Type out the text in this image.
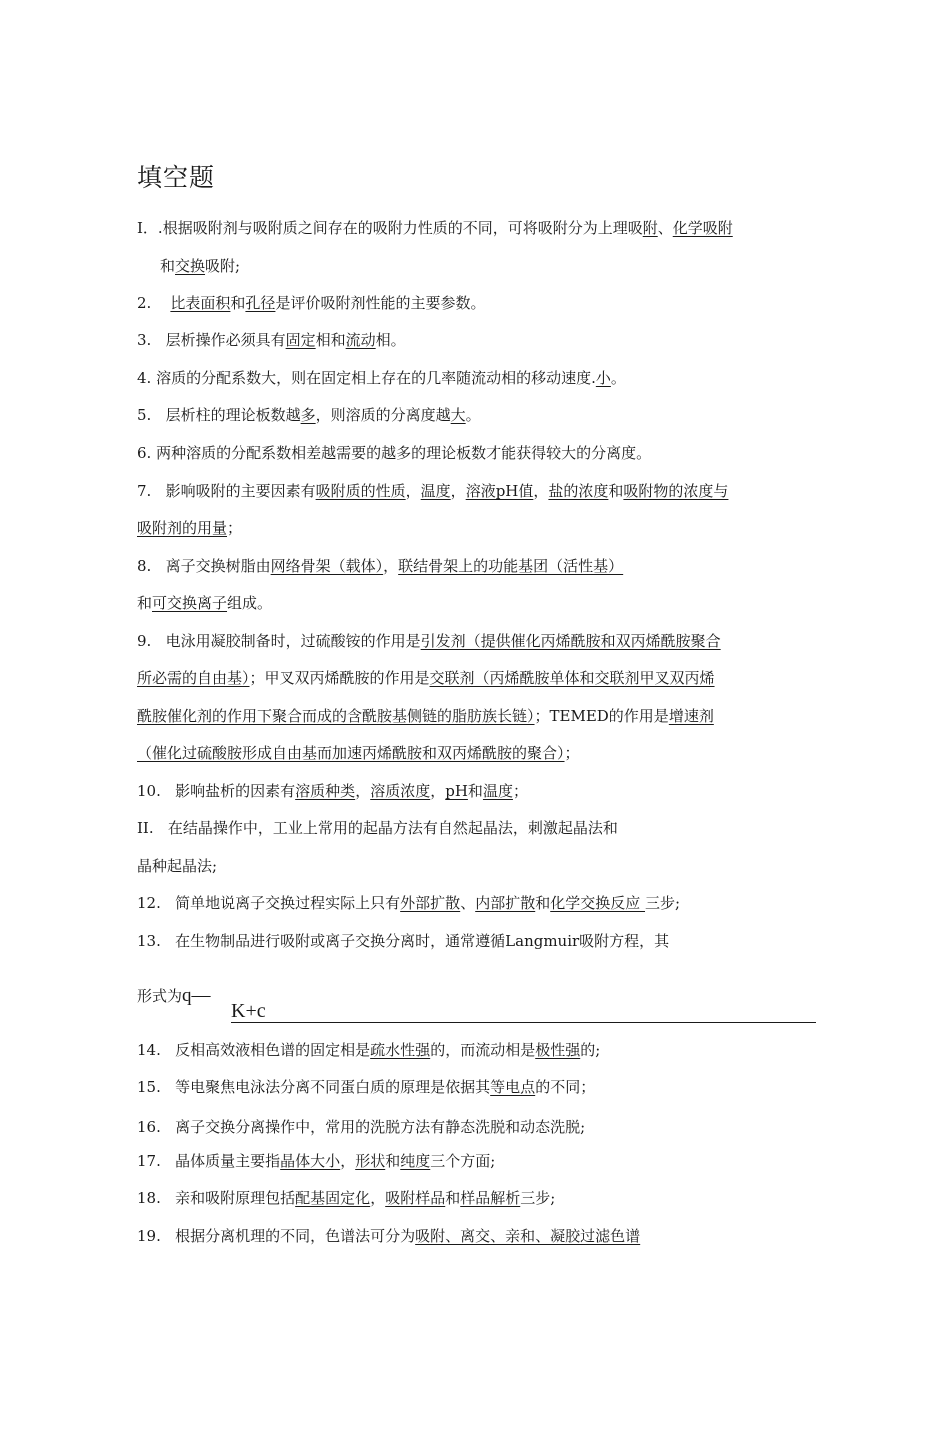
填空题
I．.根据吸附剂与吸附质之间存在的吸附力性质的不同，可将吸附分为上理吸附、化学吸附
和交换吸附;
2.    比表面积和孔径是评价吸附剂性能的主要参数。
3.   层析操作必须具有固定相和流动相。
4. 溶质的分配系数大，则在固定相上存在的几率随流动相的移动速度.小。
5.   层析柱的理论板数越多，则溶质的分离度越大。
6. 两种溶质的分配系数相差越需要的越多的理论板数才能获得较大的分离度。
7.   影响吸附的主要因素有吸附质的性质，温度，溶液pH值，盐的浓度和吸附物的浓度与
吸附剂的用量；
8.   离子交换树脂由网络骨架（载体），联结骨架上的功能基团（活性基）
和可交换离子组成。
9.   电泳用凝胶制备时，过硫酸铵的作用是引发剂（提供催化丙烯酰胺和双丙烯酰胺聚合
所必需的自由基）；甲叉双丙烯酰胺的作用是交联剂（丙烯酰胺单体和交联剂甲叉双丙烯
酰胺催化剂的作用下聚合而成的含酰胺基侧链的脂肪族长链）；TEMED的作用是增速剂
（催化过硫酸胺形成自由基而加速丙烯酰胺和双丙烯酰胺的聚合）；
10.   影响盐析的因素有溶质种类，溶质浓度，pH和温度；
II.   在结晶操作中，工业上常用的起晶方法有自然起晶法，刺激起晶法和
晶种起晶法;
12.   简单地说离子交换过程实际上只有外部扩散、内部扩散和化学交换反应 三步;
13.   在生物制品进行吸附或离子交换分离时，通常遵循Langmuir吸附方程，其
14.   反相高效液相色谱的固定相是疏水性强的，而流动相是极性强的;
15.   等电聚焦电泳法分离不同蛋白质的原理是依据其等电点的不同；
16.   离子交换分离操作中，常用的洗脱方法有静态洗脱和动态洗脱;
17.   晶体质量主要指晶体大小，形状和纯度三个方面;
18.   亲和吸附原理包括配基固定化，吸附样品和样品解析三步;
19.   根据分离机理的不同，色谱法可分为吸附、离交、亲和、凝胶过滤色谱
形式为q—
K+c
